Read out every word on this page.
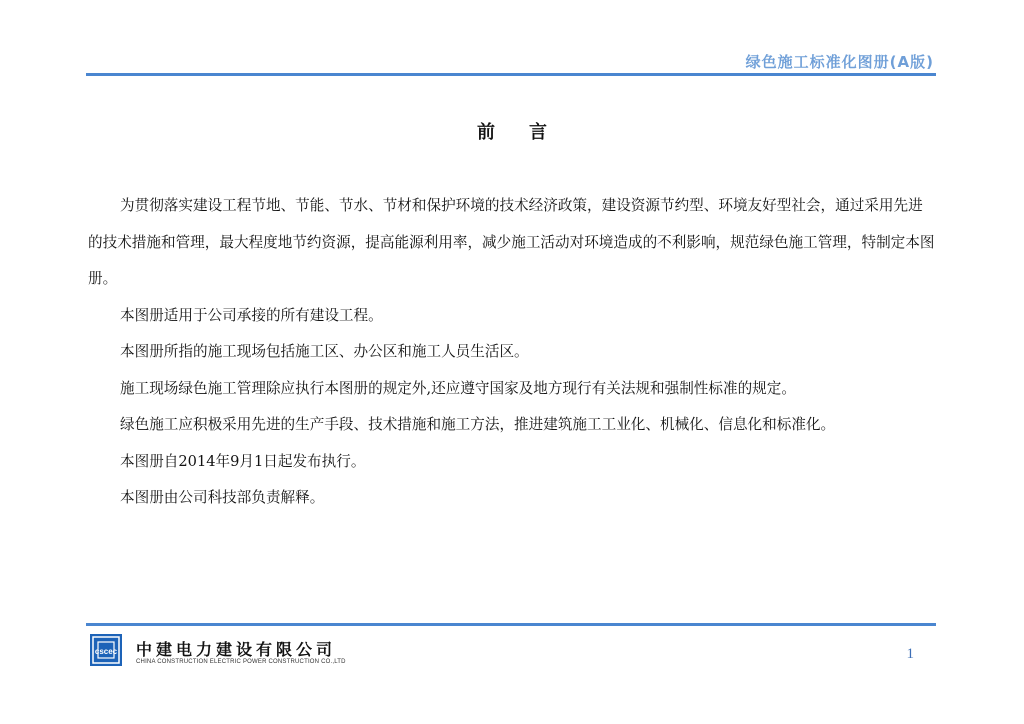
绿色施工标准化图册(A版)
前言

为贯彻落实建设工程节地、节能、节水、节材和保护环境的技术经济政策，建设资源节约型、环境友好型社会，通过采用先进的技术措施和管理，最大程度地节约资源，提高能源利用率，减少施工活动对环境造成的不利影响，规范绿色施工管理，特制定本图册。

本图册适用于公司承接的所有建设工程。

本图册所指的施工现场包括施工区、办公区和施工人员生活区。

施工现场绿色施工管理除应执行本图册的规定外,还应遵守国家及地方现行有关法规和强制性标准的规定。

绿色施工应积极采用先进的生产手段、技术措施和施工方法，推进建筑施工工业化、机械化、信息化和标准化。

本图册自2014年9月1日起发布执行。

本图册由公司科技部负责解释。

cscec 中建电力建设有限公司
CHINA CONSTRUCTION ELECTRIC POWER CONSTRUCTION CO.,LTD	1
